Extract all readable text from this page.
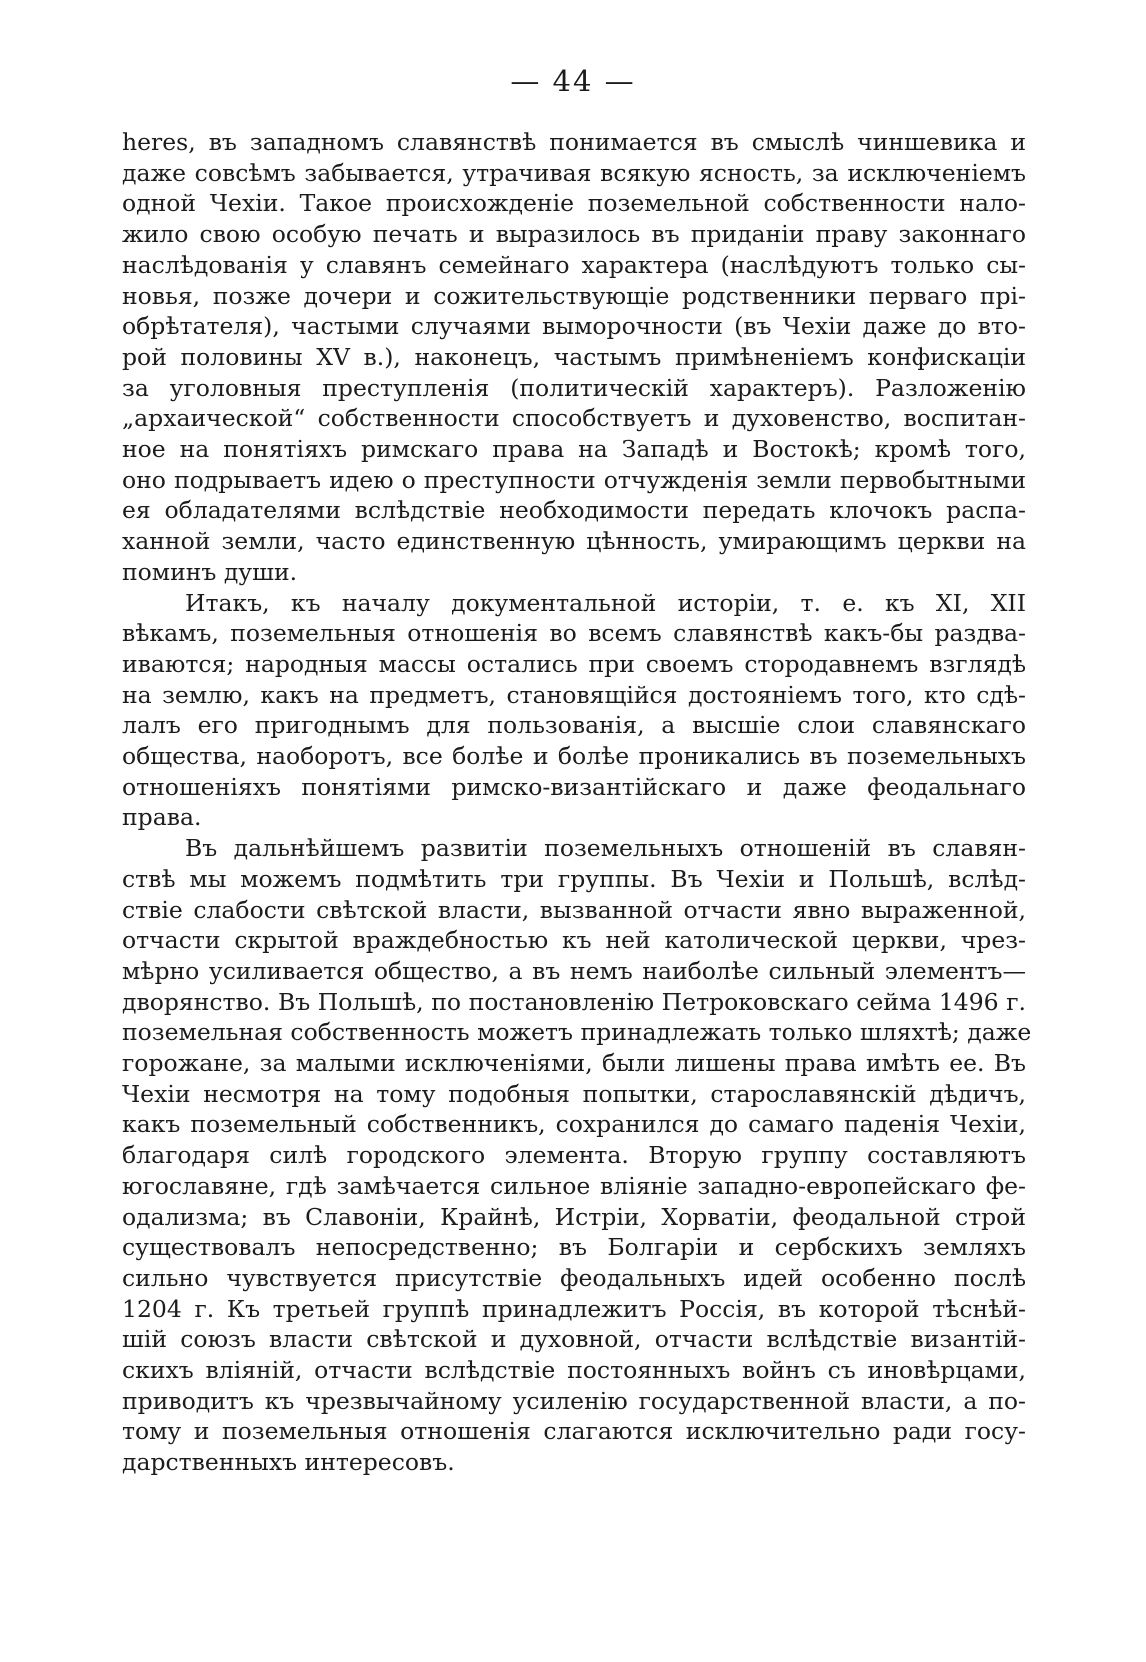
— 44 —
heres, въ западномъ славянствѣ понимается въ смыслѣ чиншевика и
даже совсѣмъ забывается, утрачивая всякую ясность, за исключеніемъ
одной Чехіи. Такое происхожденіе поземельной собственности нало-
жило свою особую печать и выразилось въ приданіи праву законнаго
наслѣдованія у славянъ семейнаго характера (наслѣдуютъ только сы-
новья, позже дочери и сожительствующіе родственники перваго прі-
обрѣтателя), частыми случаями выморочности (въ Чехіи даже до вто-
рой половины XV в.), наконецъ, частымъ примѣненіемъ конфискаціи
за уголовныя преступленія (политическій характеръ). Разложенію
„архаической“ собственности способствуетъ и духовенство, воспитан-
ное на понятіяхъ римскаго права на Западѣ и Востокѣ; кромѣ того,
оно подрываетъ идею о преступности отчужденія земли первобытными
ея обладателями вслѣдствіе необходимости передать клочокъ распа-
ханной земли, часто единственную цѣнность, умирающимъ церкви на
поминъ души.
Итакъ, къ началу документальной исторіи, т. е. къ XI, XII
вѣкамъ, поземельныя отношенія во всемъ славянствѣ какъ-бы раздва-
иваются; народныя массы остались при своемъ стородавнемъ взглядѣ
на землю, какъ на предметъ, становящійся достояніемъ того, кто сдѣ-
лалъ его пригоднымъ для пользованія, а высшіе слои славянскаго
общества, наоборотъ, все болѣе и болѣе проникались въ поземельныхъ
отношеніяхъ понятіями римско-византійскаго и даже феодальнаго
права.
Въ дальнѣйшемъ развитіи поземельныхъ отношеній въ славян-
ствѣ мы можемъ подмѣтить три группы. Въ Чехіи и Польшѣ, вслѣд-
ствіе слабости свѣтской власти, вызванной отчасти явно выраженной,
отчасти скрытой враждебностью къ ней католической церкви, чрез-
мѣрно усиливается общество, а въ немъ наиболѣе сильный элементъ—
дворянство. Въ Польшѣ, по постановленію Петроковскаго сейма 1496 г.
поземельная собственность можетъ принадлежать только шляхтѣ; даже
горожане, за малыми исключеніями, были лишены права имѣть ее. Въ
Чехіи несмотря на тому подобныя попытки, старославянскій дѣдичъ,
какъ поземельный собственникъ, сохранился до самаго паденія Чехіи,
благодаря силѣ городского элемента. Вторую группу составляютъ
югославяне, гдѣ замѣчается сильное вліяніе западно-европейскаго фе-
одализма; въ Славоніи, Крайнѣ, Истріи, Хорватіи, феодальной строй
существовалъ непосредственно; въ Болгаріи и сербскихъ земляхъ
сильно чувствуется присутствіе феодальныхъ идей особенно послѣ
1204 г. Къ третьей группѣ принадлежитъ Россія, въ которой тѣснѣй-
шій союзъ власти свѣтской и духовной, отчасти вслѣдствіе византій-
скихъ вліяній, отчасти вслѣдствіе постоянныхъ войнъ съ иновѣрцами,
приводитъ къ чрезвычайному усиленію государственной власти, а по-
тому и поземельныя отношенія слагаются исключительно ради госу-
дарственныхъ интересовъ.
